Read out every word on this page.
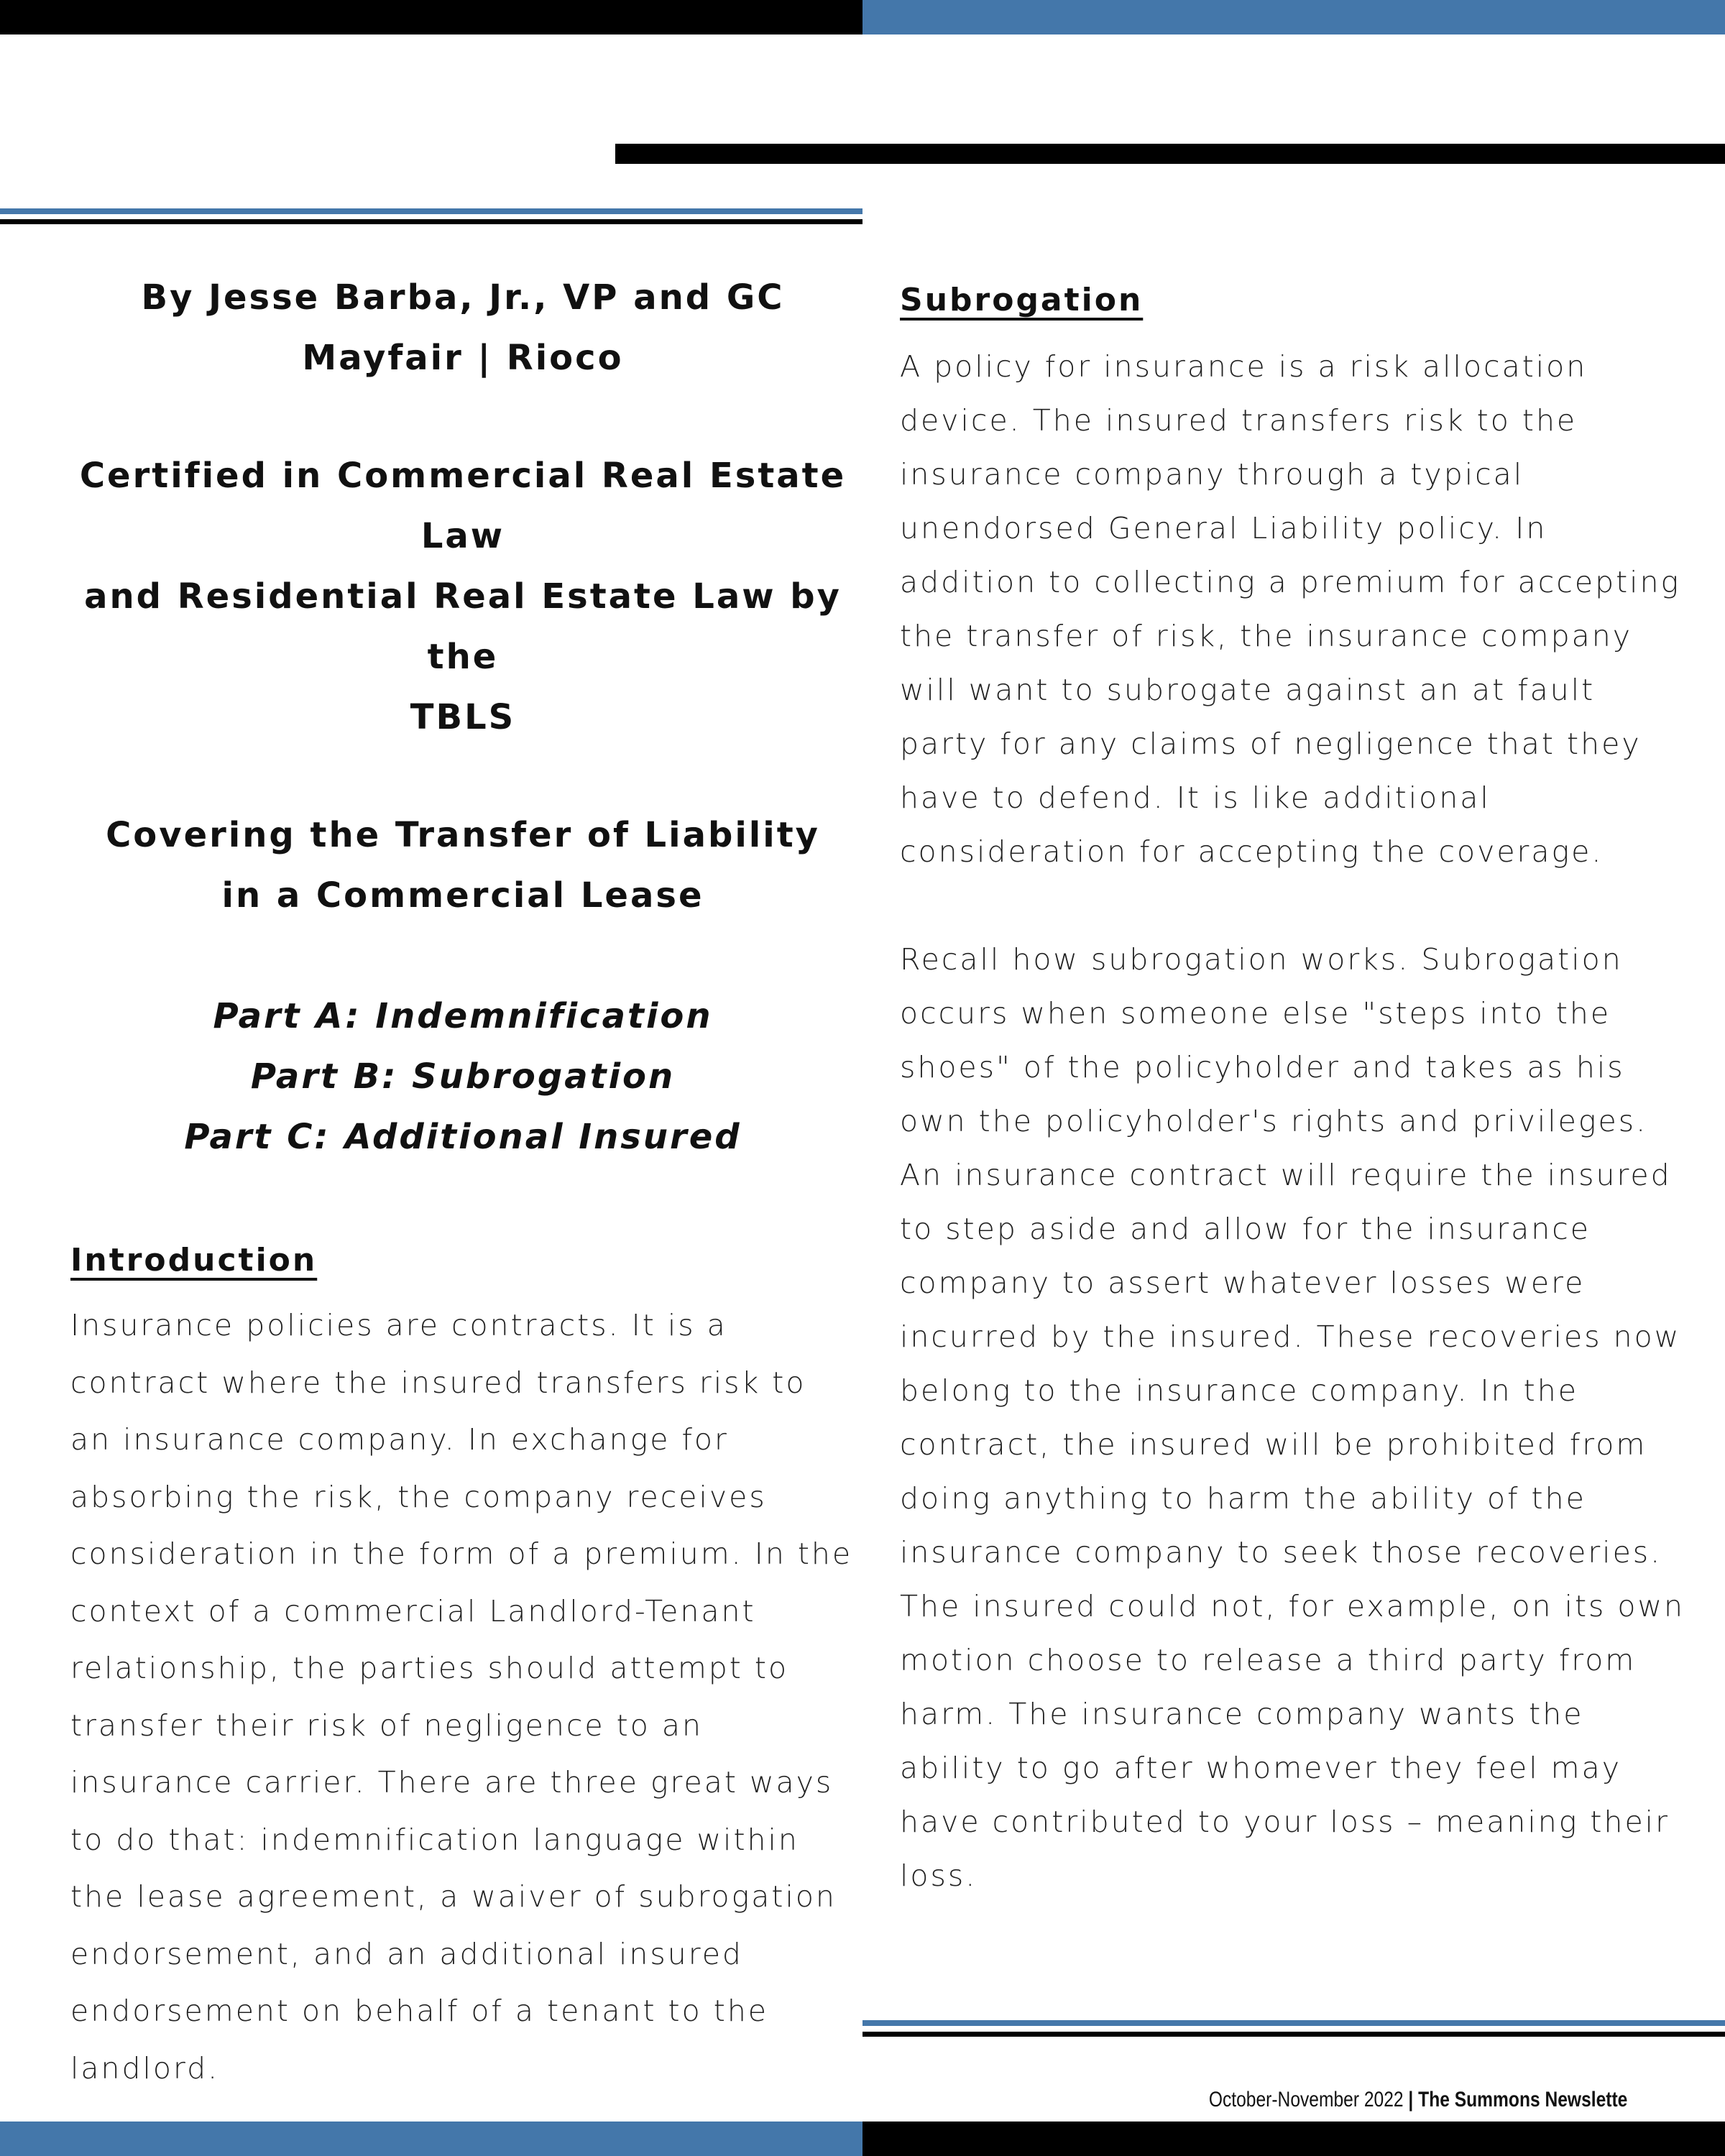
By Jesse Barba, Jr., VP and GC
Mayfair | Rioco
Certified in Commercial Real Estate Law
and Residential Real Estate Law by the
TBLS
Covering the Transfer of Liability
in a Commercial Lease
Part A: Indemnification
Part B: Subrogation
Part C: Additional Insured
Introduction

Insurance policies are contracts. It is a contract where the insured transfers risk to an insurance company. In exchange for absorbing the risk, the company receives consideration in the form of a premium. In the context of a commercial Landlord-Tenant relationship, the parties should attempt to transfer their risk of negligence to an insurance carrier. There are three great ways to do that: indemnification language within the lease agreement, a waiver of subrogation endorsement, and an additional insured endorsement on behalf of a tenant to the landlord.

Subrogation

A policy for insurance is a risk allocation device. The insured transfers risk to the insurance company through a typical unendorsed General Liability policy. In addition to collecting a premium for accepting the transfer of risk, the insurance company will want to subrogate against an at fault party for any claims of negligence that they have to defend. It is like additional consideration for accepting the coverage.

Recall how subrogation works. Subrogation occurs when someone else "steps into the shoes" of the policyholder and takes as his own the policyholder's rights and privileges. An insurance contract will require the insured to step aside and allow for the insurance company to assert whatever losses were incurred by the insured. These recoveries now belong to the insurance company. In the contract, the insured will be prohibited from doing anything to harm the ability of the insurance company to seek those recoveries. The insured could not, for example, on its own motion choose to release a third party from harm. The insurance company wants the ability to go after whomever they feel may have contributed to your loss – meaning their loss.

October-November 2022 | The Summons Newslette
